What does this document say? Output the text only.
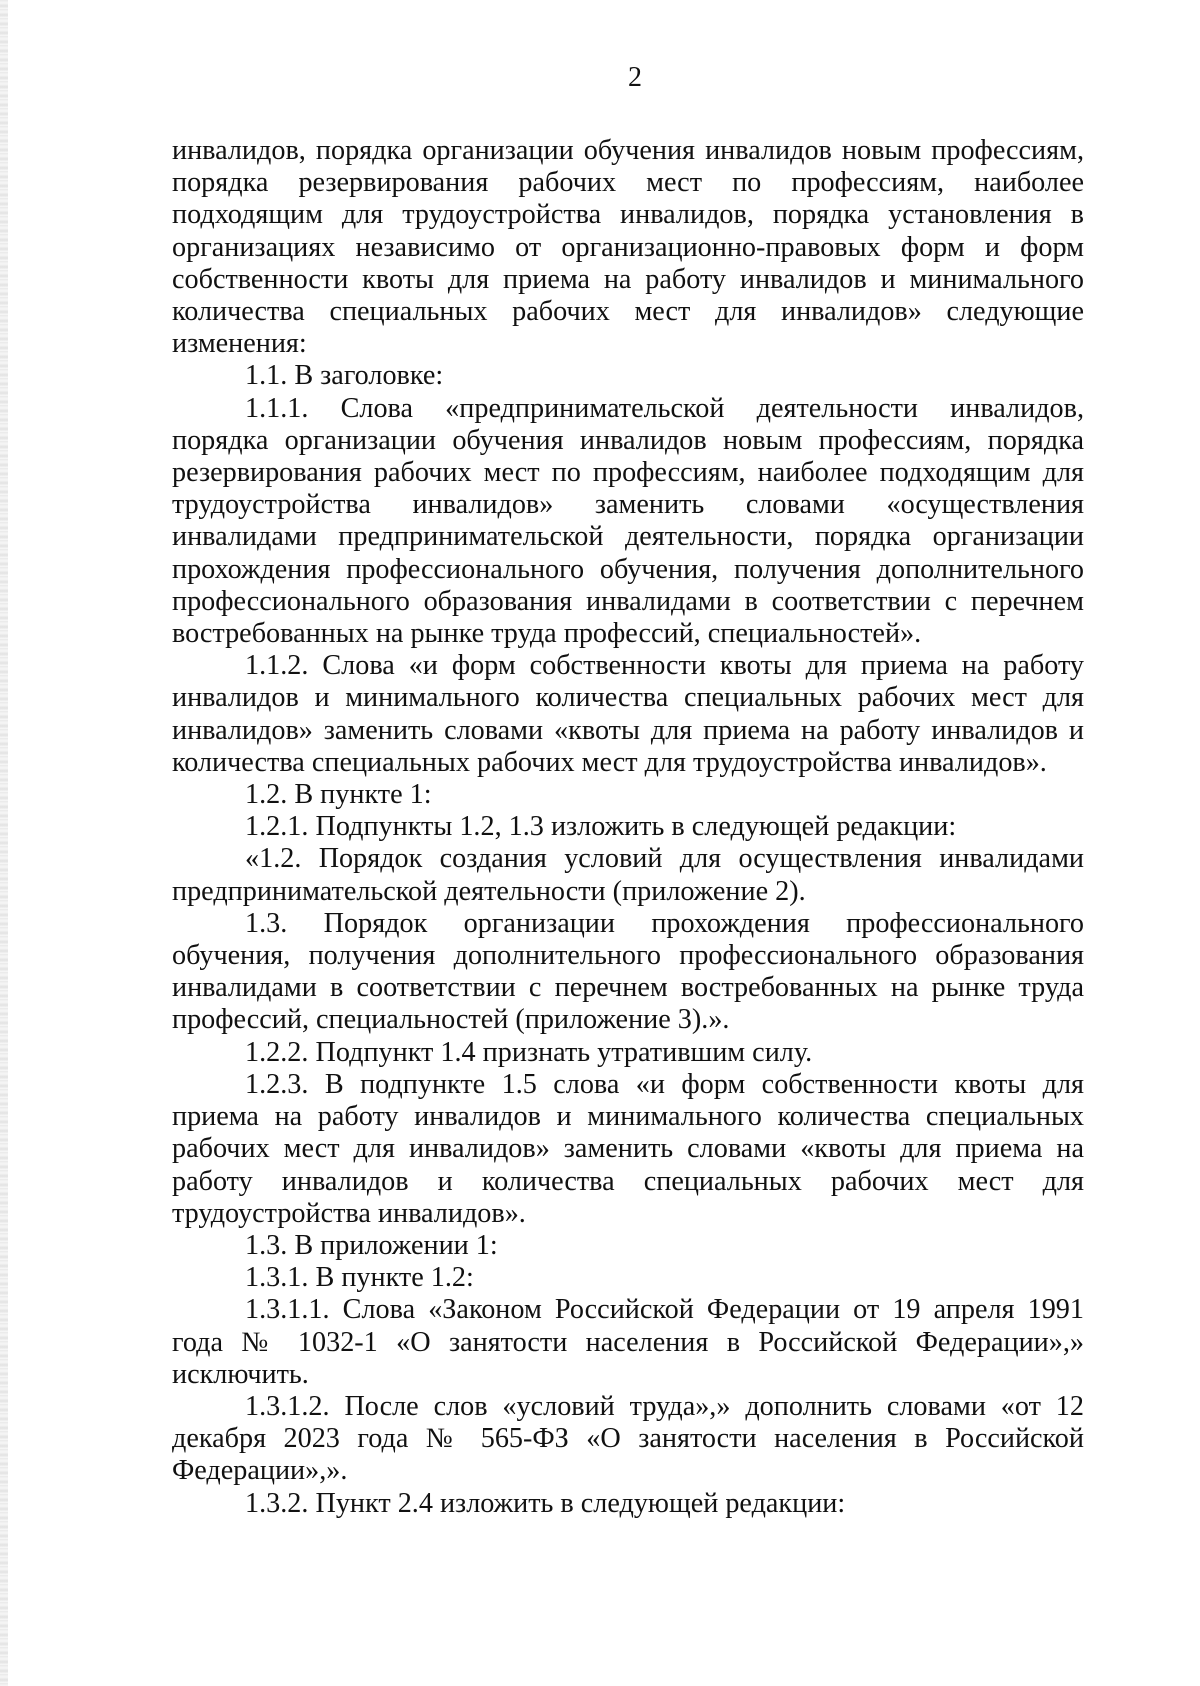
2

инвалидов, порядка организации обучения инвалидов новым профессиям, порядка резервирования рабочих мест по профессиям, наиболее подходящим для трудоустройства инвалидов, порядка установления в организациях независимо от организационно-правовых форм и форм собственности квоты для приема на работу инвалидов и минимального количества специальных рабочих мест для инвалидов» следующие изменения:

1.1. В заголовке:

1.1.1. Слова «предпринимательской деятельности инвалидов, порядка организации обучения инвалидов новым профессиям, порядка резервирования рабочих мест по профессиям, наиболее подходящим для трудоустройства инвалидов» заменить словами «осуществления инвалидами предпринимательской деятельности, порядка организации прохождения профессионального обучения, получения дополнительного профессионального образования инвалидами в соответствии с перечнем востребованных на рынке труда профессий, специальностей».

1.1.2. Слова «и форм собственности квоты для приема на работу инвалидов и минимального количества специальных рабочих мест для инвалидов» заменить словами «квоты для приема на работу инвалидов и количества специальных рабочих мест для трудоустройства инвалидов».

1.2. В пункте 1:

1.2.1. Подпункты 1.2, 1.3 изложить в следующей редакции:

«1.2. Порядок создания условий для осуществления инвалидами предпринимательской деятельности (приложение 2).

1.3. Порядок организации прохождения профессионального обучения, получения дополнительного профессионального образования инвалидами в соответствии с перечнем востребованных на рынке труда профессий, специальностей (приложение 3).».

1.2.2. Подпункт 1.4 признать утратившим силу.

1.2.3. В подпункте 1.5 слова «и форм собственности квоты для приема на работу инвалидов и минимального количества специальных рабочих мест для инвалидов» заменить словами «квоты для приема на работу инвалидов и количества специальных рабочих мест для трудоустройства инвалидов».

1.3. В приложении 1:

1.3.1. В пункте 1.2:

1.3.1.1. Слова «Законом Российской Федерации от 19 апреля 1991 года № 1032-1 «О занятости населения в Российской Федерации»,» исключить.

1.3.1.2. После слов «условий труда»,» дополнить словами «от 12 декабря 2023 года № 565-ФЗ «О занятости населения в Российской Федерации»,».

1.3.2. Пункт 2.4 изложить в следующей редакции:
